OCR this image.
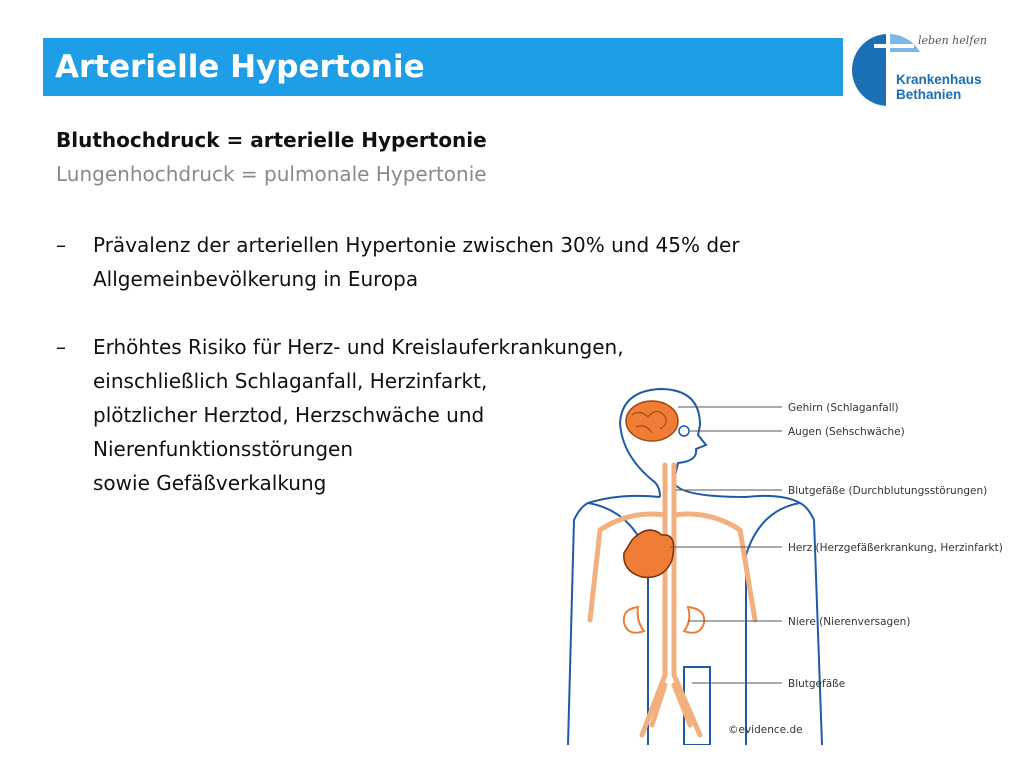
Arterielle Hypertonie
leben helfen
Krankenhaus
Bethanien
Bluthochdruck = arterielle Hypertonie
Lungenhochdruck = pulmonale Hypertonie
–	Prävalenz der arteriellen Hypertonie zwischen 30% und 45% der
Allgemeinbevölkerung in Europa
–	Erhöhtes Risiko für Herz- und Kreislauferkrankungen,
einschließlich Schlaganfall, Herzinfarkt,
plötzlicher Herztod, Herzschwäche und
Nierenfunktionsstörungen
sowie Gefäßverkalkung
Gehirn (Schlaganfall)
Augen (Sehschwäche)
Blutgefäße (Durchblutungsstörungen)
Herz (Herzgefäßerkrankung, Herzinfarkt)
Niere (Nierenversagen)
Blutgefäße
©evidence.de
